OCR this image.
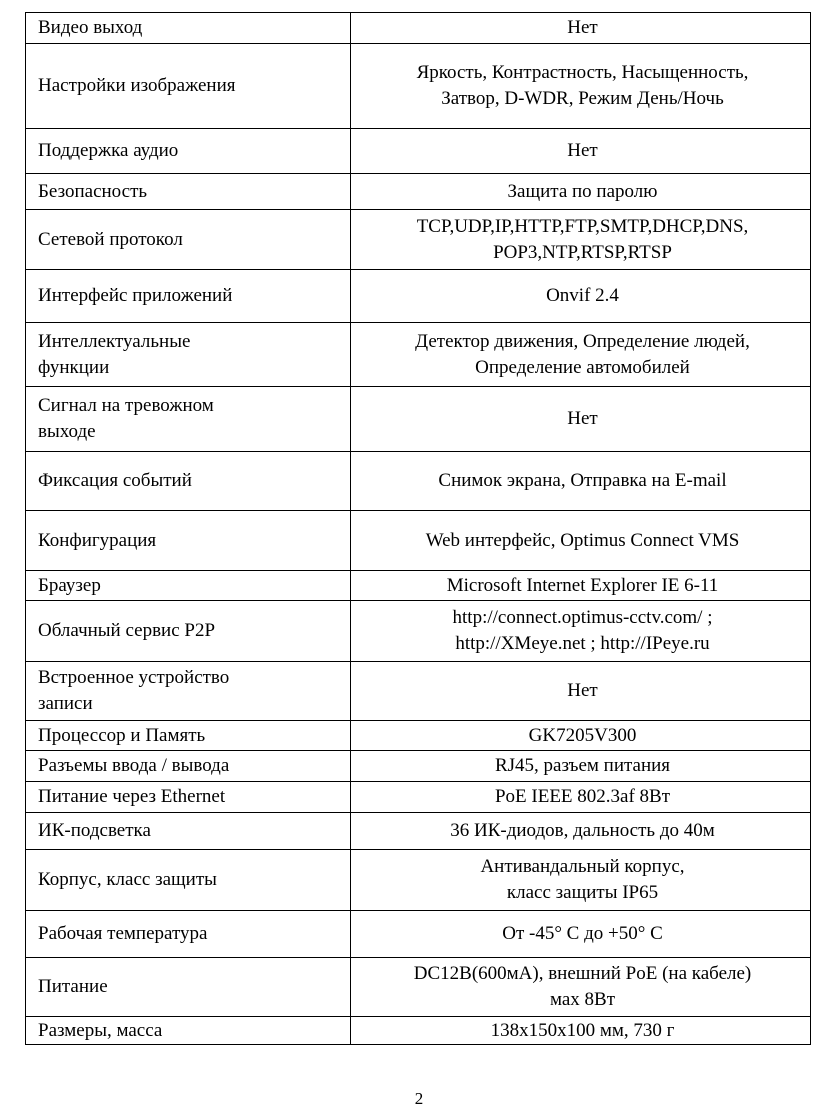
Видео выход	Нет
Настройки изображения	Яркость, Контрастность, Насыщенность,
Затвор, D-WDR, Режим День/Ночь
Поддержка аудио	Нет
Безопасность	Защита по паролю
Сетевой протокол	TCP,UDP,IP,HTTP,FTP,SMTP,DHCP,DNS,
POP3,NTP,RTSP,RTSP
Интерфейс приложений	Onvif 2.4
Интеллектуальные
функции	Детектор движения, Определение людей,
Определение автомобилей
Сигнал на тревожном
выходе	Нет
Фиксация событий	Снимок экрана, Отправка на E-mail
Конфигурация	Web интерфейс, Optimus Connect VMS
Браузер	Microsoft Internet Explorer IE 6-11
Облачный сервис P2P	http://connect.optimus-cctv.com/ ;
http://XMeye.net ; http://IPeye.ru
Встроенное устройство
записи	Нет
Процессор и Память	GK7205V300
Разъемы ввода / вывода	RJ45, разъем питания
Питание через Ethernet	PoE IEEE 802.3af 8Вт
ИК-подсветка	36 ИК-диодов, дальность до 40м
Корпус, класс защиты	Антивандальный корпус,
класс защиты IP65
Рабочая температура	От -45° С до +50° С
Питание	DC12В(600мА), внешний PoE (на кабеле)
мах 8Вт
Размеры, масса	138х150х100 мм, 730 г
2
